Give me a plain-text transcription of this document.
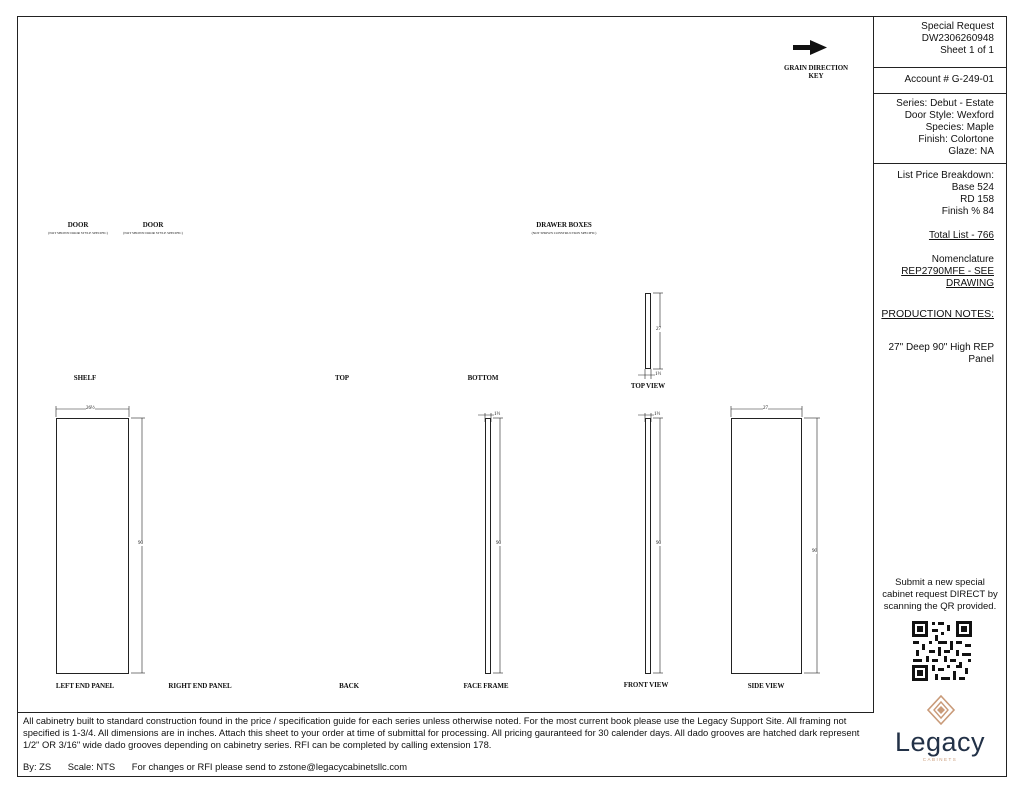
GRAIN DIRECTION
KEY
DOOR
(NOT SHOWN DOOR STYLE SPECIFIC)
DOOR
(NOT SHOWN DOOR STYLE SPECIFIC)
DRAWER BOXES
(NOT SHOWN CONSTRUCTION SPECIFIC)
SHELF	TOP	BOTTOM
TOP VIEW
26½
90
1½
90
1½
90
27
90
27
1½
LEFT END PANEL	RIGHT END PANEL	BACK	FACE FRAME	FRONT VIEW	SIDE VIEW
All cabinetry built to standard construction found in the price / specification guide for each series unless otherwise noted. For the most current book please use the Legacy Support Site. All framing not specified is 1-3/4. All dimensions are in inches. Attach this sheet to your order at time of submittal for processing. All pricing gauranteed for 30 calender days. All dado grooves are hatched dark represent 1/2" OR 3/16" wide dado grooves depending on cabinetry series. RFI can be completed by calling extension 178.
By: ZS Scale: NTS For changes or RFI please send to zstone@legacycabinetsllc.com
Special Request
DW2306260948
Sheet 1 of 1
Account # G-249-01
Series: Debut - Estate
Door Style: Wexford
Species: Maple
Finish: Colortone
Glaze: NA
List Price Breakdown:
Base 524
RD 158
Finish % 84
Total List - 766
Nomenclature
REP2790MFE - SEE
DRAWING
PRODUCTION NOTES:
27" Deep 90" High REP
Panel
Submit a new special
cabinet request DIRECT by
scanning the QR provided.
Legacy
CABINETS
